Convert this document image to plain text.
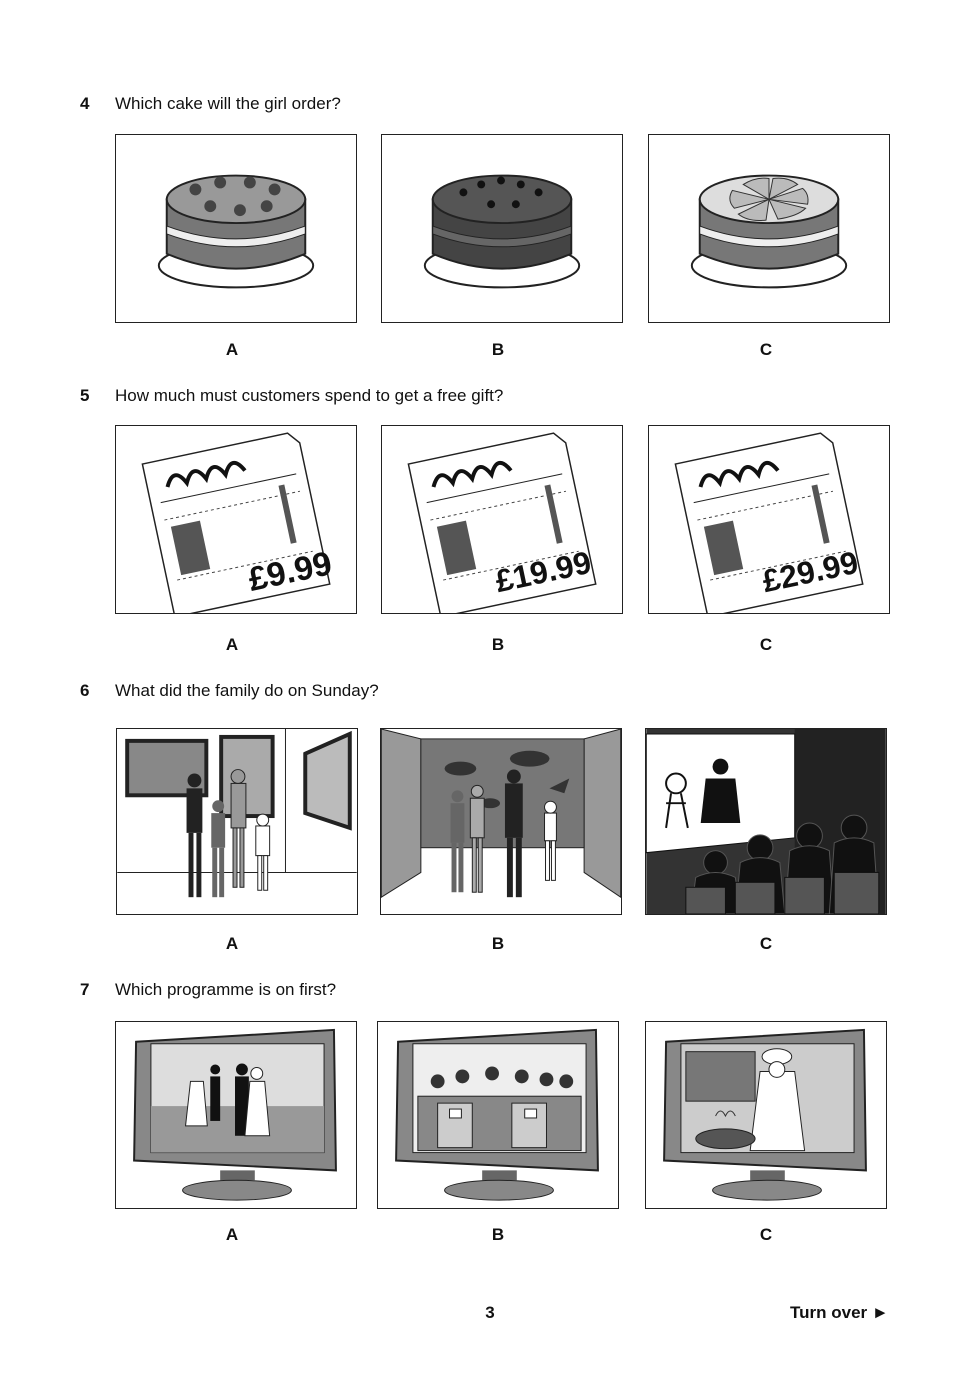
4 Which cake will the girl order?
A	B	C
5 How much must customers spend to get a free gift?
£9.99	£19.99	£29.99
A	B	C
6 What did the family do on Sunday?
A	B	C
7 Which programme is on first?
A	B	C
3	Turn over ►
